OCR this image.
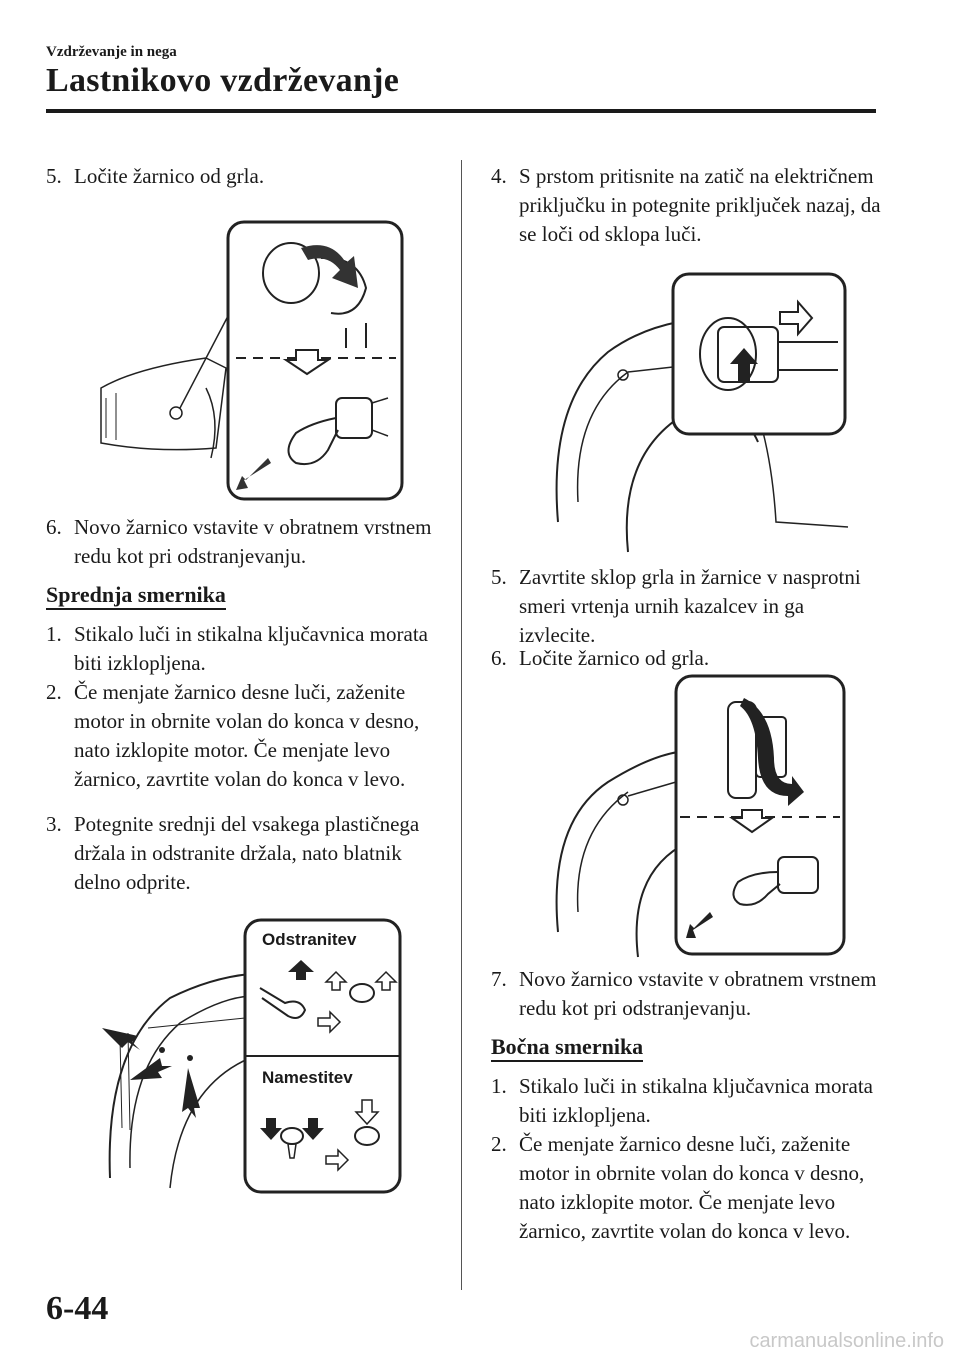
Vzdrževanje in nega
Lastnikovo vzdrževanje
5. Ločite žarnico od grla.
6. Novo žarnico vstavite v obratnem vrstnem redu kot pri odstranjevanju.
Sprednja smernika
1. Stikalo luči in stikalna ključavnica morata biti izklopljena.
2. Če menjate žarnico desne luči, zaženite motor in obrnite volan do konca v desno, nato izklopite motor. Če menjate levo žarnico, zavrtite volan do konca v levo.
3. Potegnite srednji del vsakega plastičnega držala in odstranite držala, nato blatnik delno odprite.
Odstranitev
Namestitev
4. S prstom pritisnite na zatič na električnem priključku in potegnite priključek nazaj, da se loči od sklopa luči.
5. Zavrtite sklop grla in žarnice v nasprotni smeri vrtenja urnih kazalcev in ga izvlecite.
6. Ločite žarnico od grla.
7. Novo žarnico vstavite v obratnem vrstnem redu kot pri odstranjevanju.
Bočna smernika
1. Stikalo luči in stikalna ključavnica morata biti izklopljena.
2. Če menjate žarnico desne luči, zaženite motor in obrnite volan do konca v desno, nato izklopite motor. Če menjate levo žarnico, zavrtite volan do konca v levo.
6-44
carmanualsonline.info
